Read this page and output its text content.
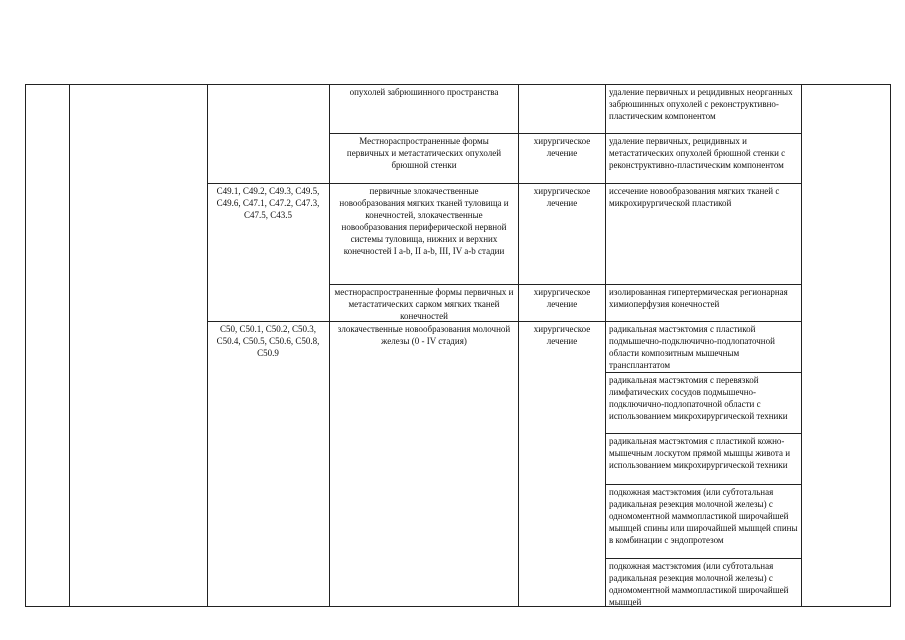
опухолей забрюшинного пространства	удаление первичных и рецидивных неорганных забрюшинных опухолей с реконструктивно-пластическим компонентом
Местнораспространенные формы первичных и метастатических опухолей брюшной стенки
хирургическое лечение
удаление первичных, рецидивных и метастатических опухолей брюшной стенки с реконструктивно-пластическим компонентом
C49.1, C49.2, C49.3, C49.5, C49.6, C47.1, C47.2, C47.3, C47.5, C43.5
первичные злокачественные новообразования мягких тканей туловища и конечностей, злокачественные новообразования периферической нервной системы туловища, нижних и верхних конечностей I a-b, II a-b, III, IV a-b стадии
хирургическое лечение
иссечение новообразования мягких тканей с микрохирургической пластикой
местнораспространенные формы первичных и метастатических сарком мягких тканей конечностей
хирургическое лечение
изолированная гипертермическая регионарная химиоперфузия конечностей
C50, C50.1, C50.2, C50.3, C50.4, C50.5, C50.6, C50.8, C50.9
злокачественные новообразования молочной железы (0 - IV стадия)
хирургическое лечение
радикальная мастэктомия с пластикой подмышечно-подключично-подлопаточной области композитным мышечным трансплантатом
радикальная мастэктомия с перевязкой лимфатических сосудов подмышечно-подключично-подлопаточной области с использованием микрохирургической техники
радикальная мастэктомия с пластикой кожно-мышечным лоскутом прямой мышцы живота и использованием микрохирургической техники
подкожная мастэктомия (или субтотальная радикальная резекция молочной железы) с одномоментной маммопластикой широчайшей мышцей спины или широчайшей мышцей спины в комбинации с эндопротезом
подкожная мастэктомия (или субтотальная радикальная резекция молочной железы) с одномоментной маммопластикой широчайшей мышцей
